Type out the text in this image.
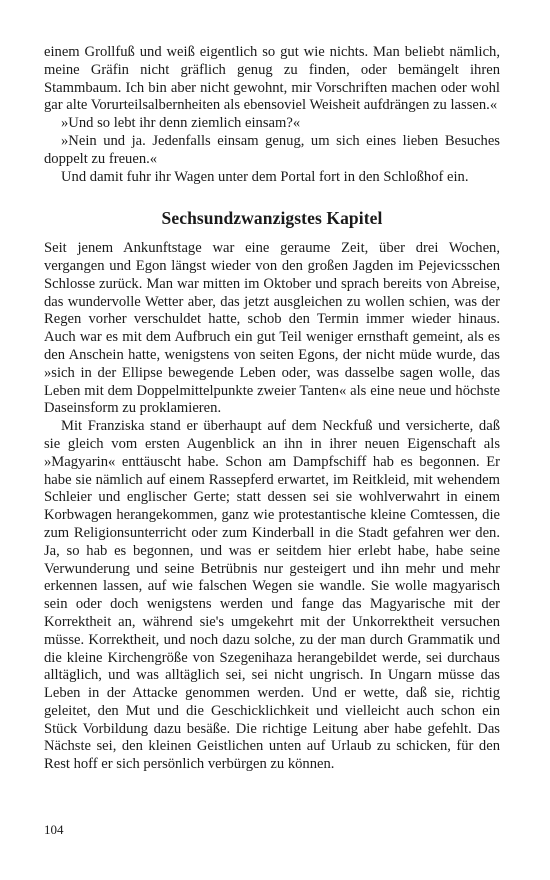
einem Grollfuß und weiß eigentlich so gut wie nichts. Man beliebt nämlich, meine Gräfin nicht gräflich genug zu finden, oder bemängelt ihren Stammbaum. Ich bin aber nicht gewohnt, mir Vorschriften machen oder wohl gar alte Vorurteilsalbernheiten als ebensoviel Weisheit aufdrängen zu lassen.«

»Und so lebt ihr denn ziemlich einsam?«

»Nein und ja. Jedenfalls einsam genug, um sich eines lieben Besuches doppelt zu freuen.«

Und damit fuhr ihr Wagen unter dem Portal fort in den Schloßhof ein.

Sechsundzwanzigstes Kapitel

Seit jenem Ankunftstage war eine geraume Zeit, über drei Wochen, vergangen und Egon längst wieder von den großen Jagden im Pejevicsschen Schlosse zurück. Man war mitten im Oktober und sprach bereits von Abreise, das wundervolle Wetter aber, das jetzt ausgleichen zu wollen schien, was der Regen vorher verschuldet hatte, schob den Termin immer wieder hinaus. Auch war es mit dem Aufbruch ein gut Teil weniger ernsthaft gemeint, als es den Anschein hatte, wenigstens von seiten Egons, der nicht müde wurde, das »sich in der Ellipse bewegende Leben oder, was dasselbe sagen wolle, das Leben mit dem Doppelmittelpunkte zweier Tanten« als eine neue und höchste Daseinsform zu proklamieren.

Mit Franziska stand er überhaupt auf dem Neckfuß und versicherte, daß sie gleich vom ersten Augenblick an ihn in ihrer neuen Eigenschaft als »Magyarin« enttäuscht habe. Schon am Dampfschiff hab es begonnen. Er habe sie nämlich auf einem Rassepferd erwartet, im Reitkleid, mit wehendem Schleier und englischer Gerte; statt dessen sei sie wohlverwahrt in einem Korbwagen herangekommen, ganz wie protestantische kleine Comtessen, die zum Religionsunterricht oder zum Kinderball in die Stadt gefahren wer den. Ja, so hab es begonnen, und was er seitdem hier erlebt habe, habe seine Verwunderung und seine Betrübnis nur gesteigert und ihn mehr und mehr erkennen lassen, auf wie falschen Wegen sie wandle. Sie wolle magyarisch sein oder doch wenigstens werden und fange das Magyarische mit der Korrektheit an, während sie's umgekehrt mit der Unkorrektheit versuchen müsse. Korrektheit, und noch dazu solche, zu der man durch Grammatik und die kleine Kirchengröße von Szegenihaza herangebildet werde, sei durchaus alltäglich, und was alltäglich sei, sei nicht ungrisch. In Ungarn müsse das Leben in der Attacke genommen werden. Und er wette, daß sie, richtig geleitet, den Mut und die Geschicklichkeit und vielleicht auch schon ein Stück Vorbildung dazu besäße. Die richtige Leitung aber habe gefehlt. Das Nächste sei, den kleinen Geistlichen unten auf Urlaub zu schicken, für den Rest hoff er sich persönlich verbürgen zu können.

104
